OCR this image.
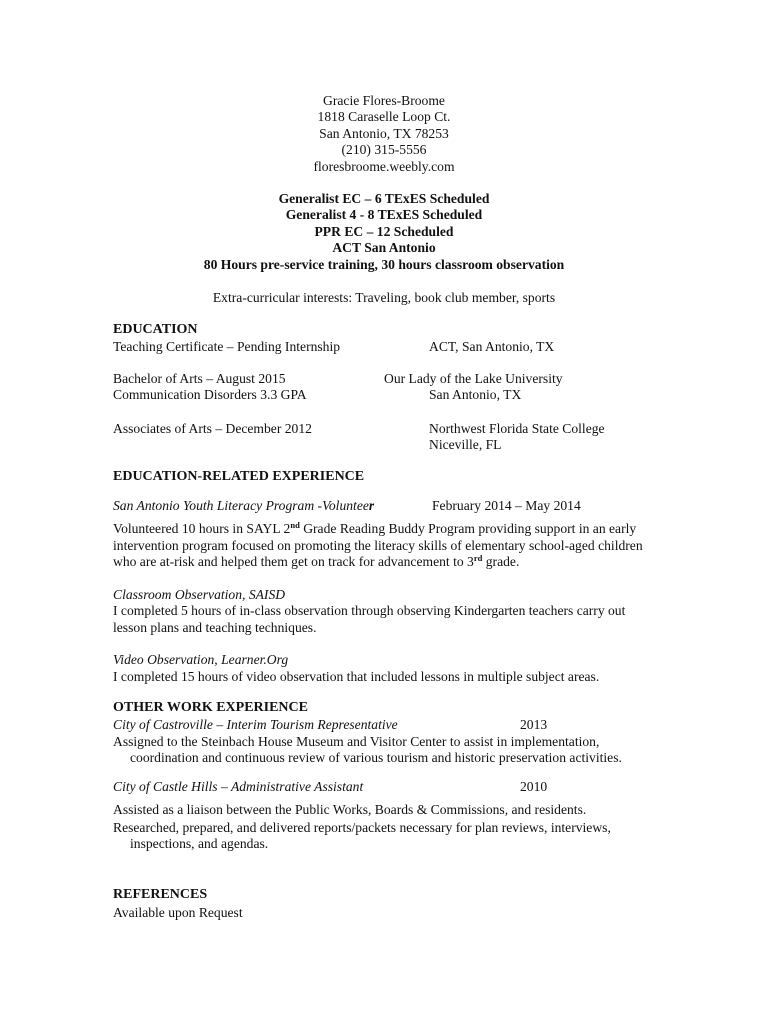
Gracie Flores-Broome
1818 Caraselle Loop Ct.
San Antonio, TX 78253
(210) 315-5556
floresbroome.weebly.com
Generalist EC – 6 TExES Scheduled
Generalist 4 - 8 TExES Scheduled
PPR EC – 12 Scheduled
ACT San Antonio
80 Hours pre-service training, 30 hours classroom observation
Extra-curricular interests: Traveling, book club member, sports
EDUCATION
Teaching Certificate – Pending Internship	ACT, San Antonio, TX
Bachelor of Arts – August 2015	Our Lady of the Lake University
Communication Disorders 3.3 GPA	San Antonio, TX
Associates of Arts – December 2012	Northwest Florida State College
Niceville, FL
EDUCATION-RELATED EXPERIENCE
San Antonio Youth Literacy Program -Volunteer	February 2014 – May 2014
Volunteered 10 hours in SAYL 2nd Grade Reading Buddy Program providing support in an early
intervention program focused on promoting the literacy skills of elementary school-aged children
who are at-risk and helped them get on track for advancement to 3rd grade.
Classroom Observation, SAISD
I completed 5 hours of in-class observation through observing Kindergarten teachers carry out
lesson plans and teaching techniques.
Video Observation, Learner.Org
I completed 15 hours of video observation that included lessons in multiple subject areas.
OTHER WORK EXPERIENCE
City of Castroville – Interim Tourism Representative	2013
Assigned to the Steinbach House Museum and Visitor Center to assist in implementation,
coordination and continuous review of various tourism and historic preservation activities.
City of Castle Hills – Administrative Assistant	2010
Assisted as a liaison between the Public Works, Boards & Commissions, and residents.
Researched, prepared, and delivered reports/packets necessary for plan reviews, interviews,
inspections, and agendas.
REFERENCES
Available upon Request
